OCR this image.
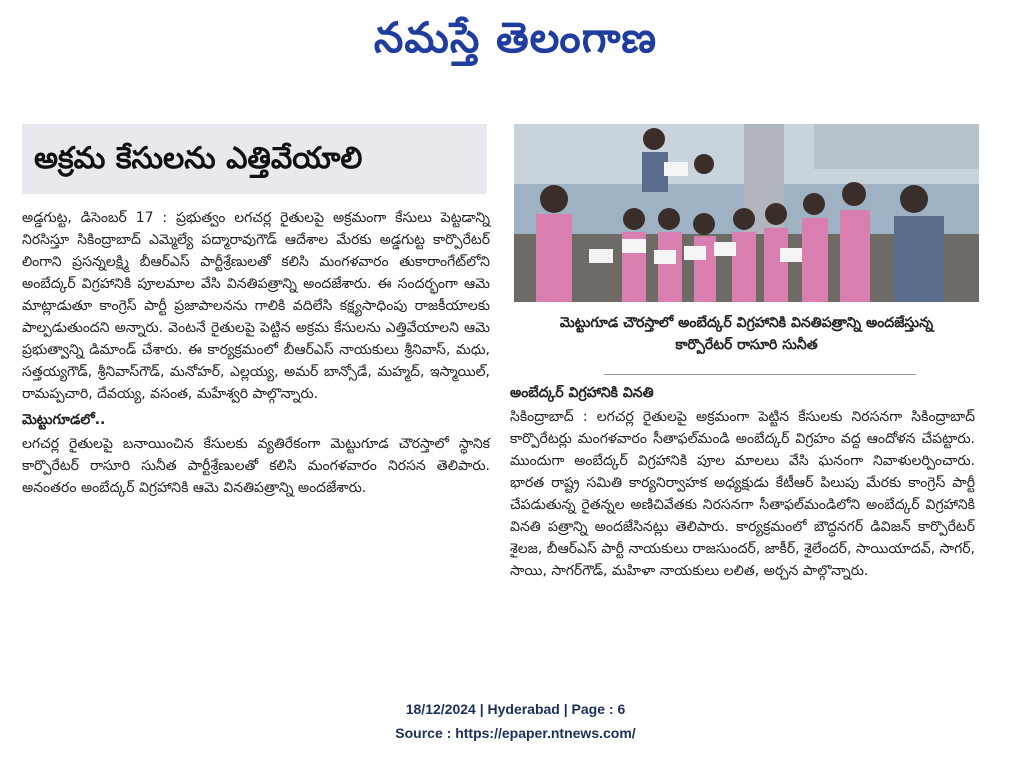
నమస్తే తెలంగాణ
అక్రమ కేసులను ఎత్తివేయాలి

అడ్డగుట్ట, డిసెంబర్ 17 : ప్రభుత్వం లగచర్ల రైతులపై అక్రమంగా కేసులు పెట్టడాన్ని నిరసిస్తూ సికింద్రాబాద్ ఎమ్మెల్యే పద్మారావుగౌడ్ ఆదేశాల మేరకు అడ్డగుట్ట కార్పొరేటర్ లింగాని ప్రసన్నలక్ష్మి బీఆర్ఎస్ పార్టీశ్రేణులతో కలిసి మంగళవారం తుకారాంగేట్‌లోని అంబేద్కర్ విగ్రహానికి పూలమాల వేసి వినతిపత్రాన్ని అందజేశారు. ఈ సందర్భంగా ఆమె మాట్లాడుతూ కాంగ్రెస్ పార్టీ ప్రజాపాలనను గాలికి వదిలేసి కక్ష్యసాధింపు రాజకీయాలకు పాల్పడుతుందని అన్నారు. వెంటనే రైతులపై పెట్టిన అక్రమ కేసులను ఎత్తివేయాలని ఆమె ప్రభుత్వాన్ని డిమాండ్ చేశారు. ఈ కార్యక్రమంలో బీఆర్ఎస్ నాయకులు శ్రీనివాస్, మధు, సత్తయ్యగౌడ్, శ్రీనివాస్‌గౌడ్, మనోహర్, ఎల్లయ్య, అమర్ బాన్సోడే, మహ్మద్, ఇస్మాయిల్, రామప్పచారి, దేవయ్య, వసంత, మహేశ్వరి పాల్గొన్నారు.

మెట్టుగూడలో..

లగచర్ల రైతులపై బనాయించిన కేసులకు వ్యతిరేకంగా మెట్టుగూడ చౌరస్తాలో స్థానిక కార్పొరేటర్ రాసూరి సునీత పార్టీశ్రేణులతో కలిసి మంగళవారం నిరసన తెలిపారు. అనంతరం అంబేద్కర్ విగ్రహానికి ఆమె వినతిపత్రాన్ని అందజేశారు.

మెట్టుగూడ చౌరస్తాలో అంబేద్కర్ విగ్రహానికి వినతిపత్రాన్ని అందజేస్తున్న
కార్పొరేటర్ రాసూరి సునీత
అంబేద్కర్ విగ్రహానికి వినతి

సికింద్రాబాద్ : లగచర్ల రైతులపై అక్రమంగా పెట్టిన కేసులకు నిరసనగా సికింద్రాబాద్ కార్పొరేటర్లు మంగళవారం సీతాఫల్‌మండి అంబేద్కర్ విగ్రహం వద్ద ఆందోళన చేపట్టారు. ముందుగా అంబేద్కర్ విగ్రహానికి పూల మాలలు వేసి ఘనంగా నివాళులర్పించారు. భారత రాష్ట్ర సమితి కార్యనిర్వాహక అధ్యక్షుడు కేటీఆర్ పిలుపు మేరకు కాంగ్రెస్ పార్టీ చేపడుతున్న రైతన్నల అణిచివేతకు నిరసనగా సీతాఫల్‌మండిలోని అంబేద్కర్ విగ్రహానికి వినతి పత్రాన్ని అందజేసినట్లు తెలిపారు. కార్యక్రమంలో బౌద్ధనగర్ డివిజన్ కార్పొరేటర్ శైలజ, బీఆర్ఎస్ పార్టీ నాయకులు రాజసుందర్, జాకీర్, శైలేందర్, సాయియాదవ్, సాగర్, సాయి, సాగర్‌గౌడ్, మహిళా నాయకులు లలిత, అర్చన పాల్గొన్నారు.

18/12/2024 | Hyderabad | Page : 6
Source : https://epaper.ntnews.com/
